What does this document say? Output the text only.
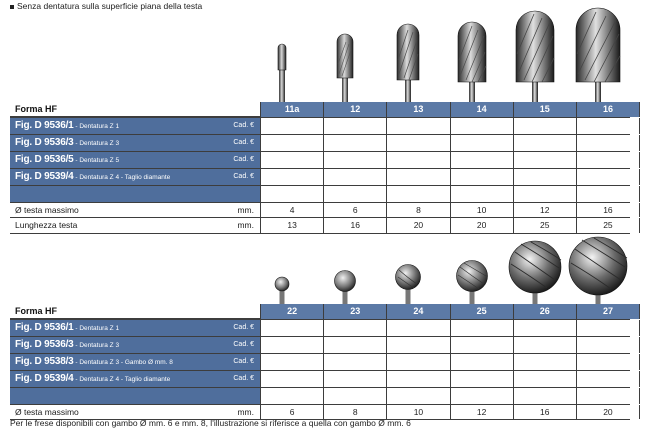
Senza dentatura sulla superficie piana della testa
Forma HF	11a	12	13	14	15	16
Fig. D 9536/1 - Dentatura Z 1	Cad. €
Fig. D 9536/3 - Dentatura Z 3	Cad. €
Fig. D 9536/5 - Dentatura Z 5	Cad. €
Fig. D 9539/4 - Dentatura Z 4 - Taglio diamante	Cad. €
Ø testa massimo	mm.	4	6	8	10	12	16
Lunghezza testa	mm.	13	16	20	20	25	25
Forma HF	22	23	24	25	26	27
Fig. D 9536/1 - Dentatura Z 1	Cad. €
Fig. D 9536/3 - Dentatura Z 3	Cad. €
Fig. D 9538/3 - Dentatura Z 3 - Gambo Ø mm. 8	Cad. €
Fig. D 9539/4 - Dentatura Z 4 - Taglio diamante	Cad. €
Ø testa massimo	mm.	6	8	10	12	16	20
Per le frese disponibili con gambo Ø mm. 6 e mm. 8, l'illustrazione si riferisce a quella con gambo Ø mm. 6
